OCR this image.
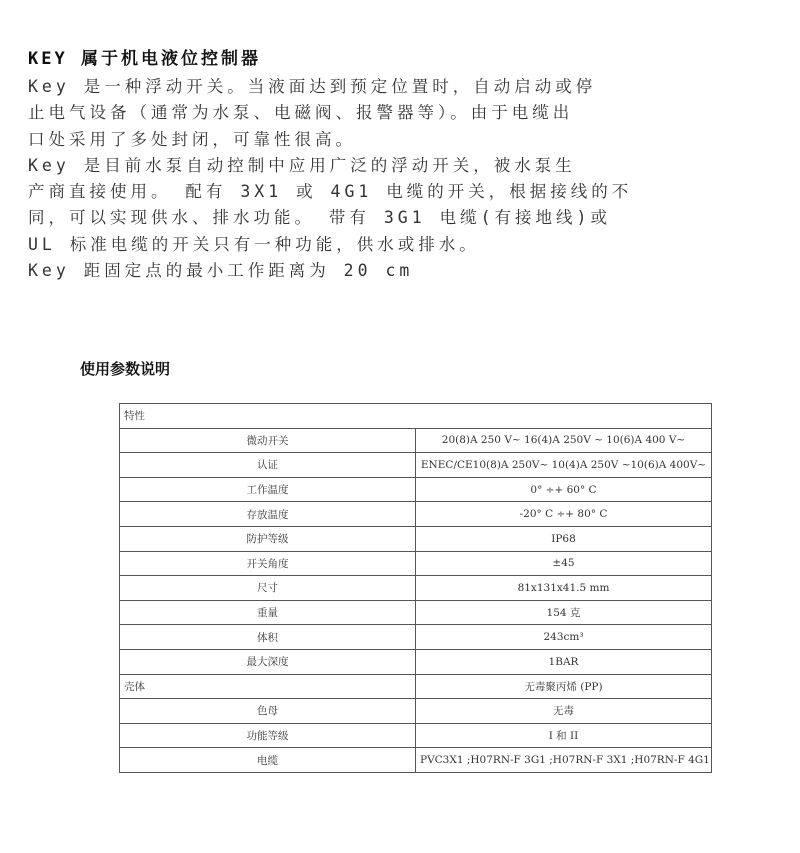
KEY 属于机电液位控制器
Key 是一种浮动开关。当液面达到预定位置时，自动启动或停
止电气设备（通常为水泵、电磁阀、报警器等）。由于电缆出
口处采用了多处封闭，可靠性很高。
Key 是目前水泵自动控制中应用广泛的浮动开关，被水泵生
产商直接使用。 配有 3X1 或 4G1 电缆的开关，根据接线的不
同，可以实现供水、排水功能。 带有 3G1 电缆(有接地线)或
UL 标准电缆的开关只有一种功能，供水或排水。
Key 距固定点的最小工作距离为 20 cm
使用参数说明
特性	
微动开关	20(8)A 250 V~ 16(4)A 250V ~ 10(6)A 400 V~
认证	ENEC/CE10(8)A 250V~ 10(4)A 250V ~10(6)A 400V~
工作温度	0° ÷+ 60° C
存放温度	-20° C ÷+ 80° C
防护等级	IP68
开关角度	±45
尺寸	81x131x41.5 mm
重量	154 克
体积	243cm³
最大深度	1BAR
壳体	无毒聚丙烯 (PP)
色母	无毒
功能等级	I 和 II
电缆	PVC3X1 ;H07RN-F 3G1 ;H07RN-F 3X1 ;H07RN-F 4G1
